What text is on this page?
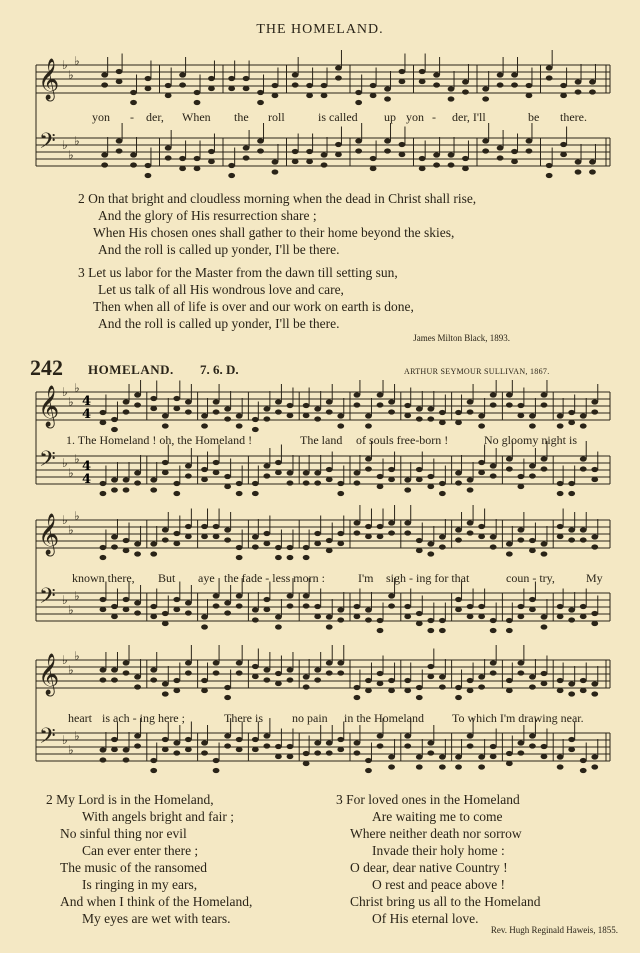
THE HOMELAND.
𝄞
𝄢
♭
♭
♭
♭
♭
♭
yon - der, When the roll	is called up yon - der, I'll	be there.
2 On that bright and cloudless morning when the dead in Christ shall rise,
And the glory of His resurrection share ;
When His chosen ones shall gather to their home beyond the skies,
And the roll is called up yonder, I'll be there.
3 Let us labor for the Master from the dawn till setting sun,
Let us talk of all His wondrous love and care,
Then when all of life is over and our work on earth is done,
And the roll is called up yonder, I'll be there.
James Milton Black, 1893.
242 HOMELAND. 7. 6. D.	ARTHUR SEYMOUR SULLIVAN, 1867.
𝄞
𝄢
♭
♭
♭
♭
♭
♭
4
4
4
4
1. The Homeland ! oh, the Homeland !	The land of souls free-born !	No gloomy night is
𝄞
𝄢
♭
♭
♭
♭
♭
♭
known there, But aye the fade - less morn :	I'm sigh - ing for that	coun - try,	My
𝄞
𝄢
♭
♭
♭
♭
♭
♭
heart is ach - ing here ;	There is no pain in the Homeland To which I'm drawing near.
2 My Lord is in the Homeland,
With angels bright and fair ;
No sinful thing nor evil
Can ever enter there ;
The music of the ransomed
Is ringing in my ears,
And when I think of the Homeland,
My eyes are wet with tears.
3 For loved ones in the Homeland
Are waiting me to come
Where neither death nor sorrow
Invade their holy home :
O dear, dear native Country !
O rest and peace above !
Christ bring us all to the Homeland
Of His eternal love.
Rev. Hugh Reginald Haweis, 1855.
